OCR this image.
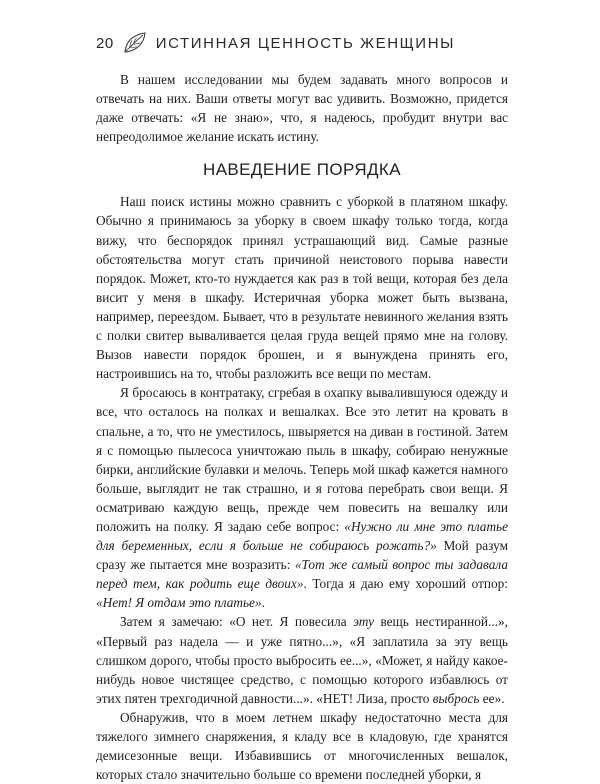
20	ИСТИННАЯ ЦЕННОСТЬ ЖЕНЩИНЫ

В нашем исследовании мы будем задавать много вопросов и отвечать на них. Ваши ответы могут вас удивить. Возможно, придется даже отвечать: «Я не знаю», что, я надеюсь, пробудит внутри вас непреодолимое желание искать истину.

НАВЕДЕНИЕ ПОРЯДКА

Наш поиск истины можно сравнить с уборкой в платяном шкафу. Обычно я принимаюсь за уборку в своем шкафу только тогда, когда вижу, что беспорядок принял устрашающий вид. Самые разные обстоятельства могут стать причиной неистового порыва навести порядок. Может, кто-то нуждается как раз в той вещи, которая без дела висит у меня в шкафу. Истеричная уборка может быть вызвана, например, переездом. Бывает, что в результате невинного желания взять с полки свитер вываливается целая груда вещей прямо мне на голову. Вызов навести порядок брошен, и я вынуждена принять его, настроившись на то, чтобы разложить все вещи по местам.

Я бросаюсь в контратаку, сгребая в охапку вывалившуюся одежду и все, что осталось на полках и вешалках. Все это летит на кровать в спальне, а то, что не уместилось, швыряется на диван в гостиной. Затем я с помощью пылесоса уничтожаю пыль в шкафу, собираю ненужные бирки, английские булавки и мелочь. Теперь мой шкаф кажется намного больше, выглядит не так страшно, и я готова перебрать свои вещи. Я осматриваю каждую вещь, прежде чем повесить на вешалку или положить на полку. Я задаю себе вопрос: «Нужно ли мне это платье для беременных, если я больше не собираюсь рожать?» Мой разум сразу же пытается мне возразить: «Тот же самый вопрос ты задавала перед тем, как родить еще двоих». Тогда я даю ему хороший отпор: «Нет! Я отдам это платье».

Затем я замечаю: «О нет. Я повесила эту вещь нестиранной...», «Первый раз надела — и уже пятно...», «Я заплатила за эту вещь слишком дорого, чтобы просто выбросить ее...», «Может, я найду какое-нибудь новое чистящее средство, с помощью которого избавлюсь от этих пятен трехгодичной давности...». «НЕТ! Лиза, просто выбрось ее».

Обнаружив, что в моем летнем шкафу недостаточно места для тяжелого зимнего снаряжения, я кладу все в кладовую, где хранятся демисезонные вещи. Избавившись от многочисленных вешалок, которых стало значительно больше со времени последней уборки, я
